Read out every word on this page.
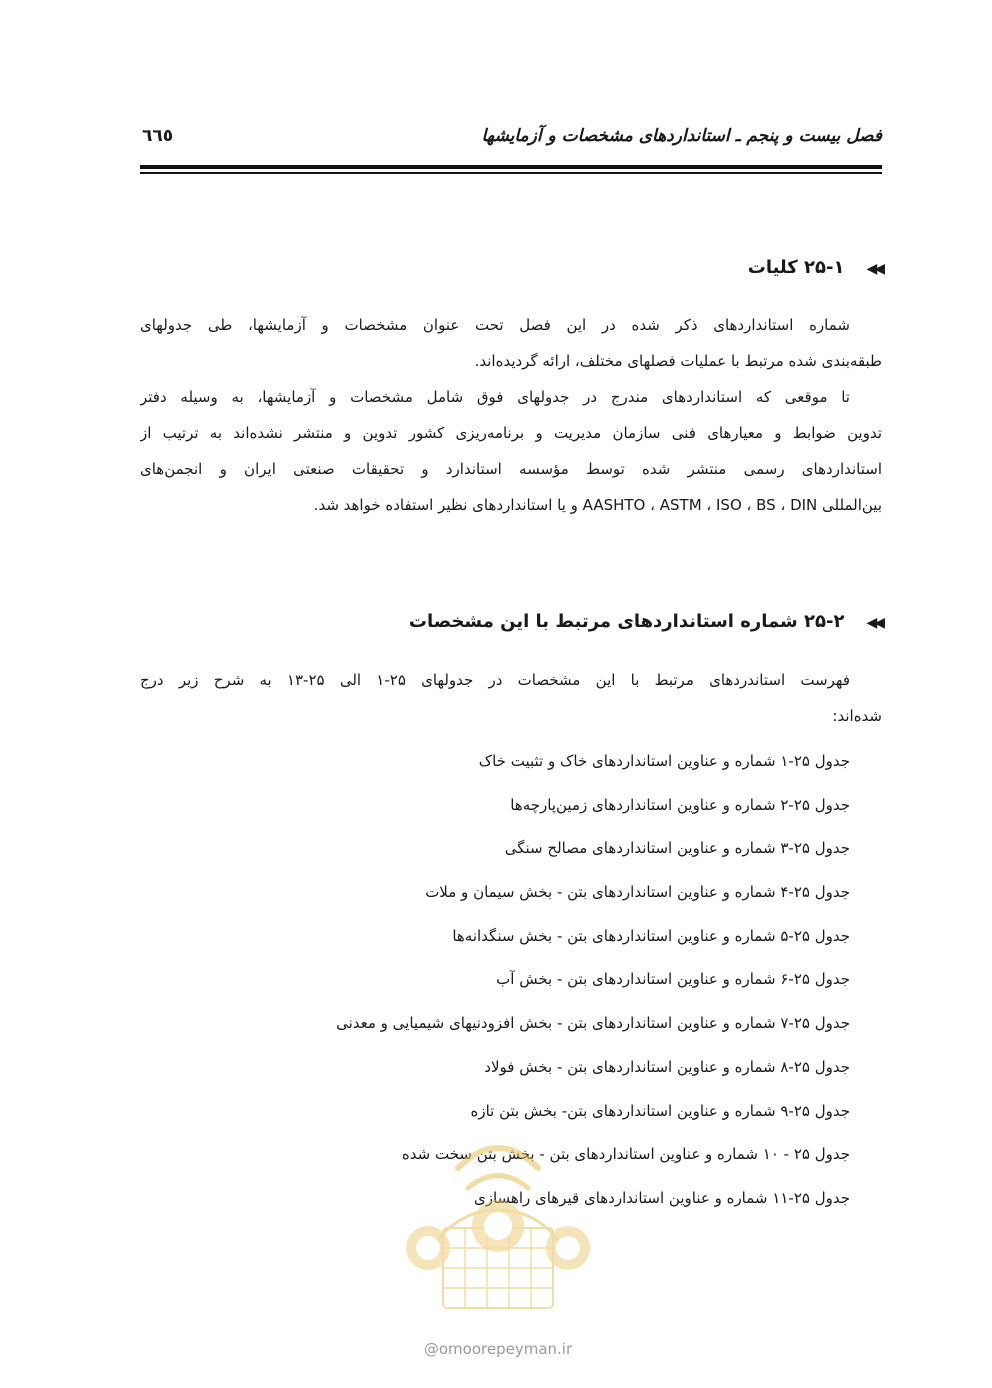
فصل بیست و پنجم ـ استانداردهای مشخصات و آزمایشها
٦٦٥
◀◀۲۵-۱ کلیات
شماره استانداردهای ذکر شده در این فصل تحت عنوان مشخصات و آزمایشها، طی جدولهای
طبقه‌بندی شده مرتبط با عملیات فصلهای مختلف، ارائه گردیده‌اند.
تا موقعی که استانداردهای مندرج در جدولهای فوق شامل مشخصات و آزمایشها، به وسیله دفتر
تدوین ضوابط و معیارهای فنی سازمان مدیریت و برنامه‌ریزی کشور تدوین و منتشر نشده‌اند به ترتیب از
استانداردهای رسمی منتشر شده توسط مؤسسه استاندارد و تحقیقات صنعتی ایران و انجمن‌های
بین‌المللی AASHTO ، ASTM ، ISO ، BS ، DIN و یا استانداردهای نظیر استفاده خواهد شد.
◀◀۲۵-۲ شماره استانداردهای مرتبط با این مشخصات
فهرست استاندردهای مرتبط با این مشخصات در جدولهای ۲۵-۱ الی ۲۵-۱۳ به شرح زیر درج
شده‌اند:
جدول ۲۵-۱ شماره و عناوین استانداردهای خاک و تثبیت خاک
جدول ۲۵-۲ شماره و عناوین استانداردهای زمین‌پارچه‌ها
جدول ۲۵-۳ شماره و عناوین استانداردهای مصالح سنگی
جدول ۲۵-۴ شماره و عناوین استانداردهای بتن - بخش سیمان و ملات
جدول ۲۵-۵ شماره و عناوین استانداردهای بتن - بخش سنگدانه‌ها
جدول ۲۵-۶ شماره و عناوین استانداردهای بتن - بخش آب
جدول ۲۵-۷ شماره و عناوین استانداردهای بتن - بخش افزودنیهای شیمیایی و معدنی
جدول ۲۵-۸ شماره و عناوین استانداردهای بتن - بخش فولاد
جدول ۲۵-۹ شماره و عناوین استانداردهای بتن- بخش بتن تازه
جدول ۲۵ - ۱۰ شماره و عناوین استانداردهای بتن - بخش بتن سخت شده
جدول ۲۵-۱۱ شماره و عناوین استانداردهای قیرهای راهسازی
@omoorepeyman.ir
